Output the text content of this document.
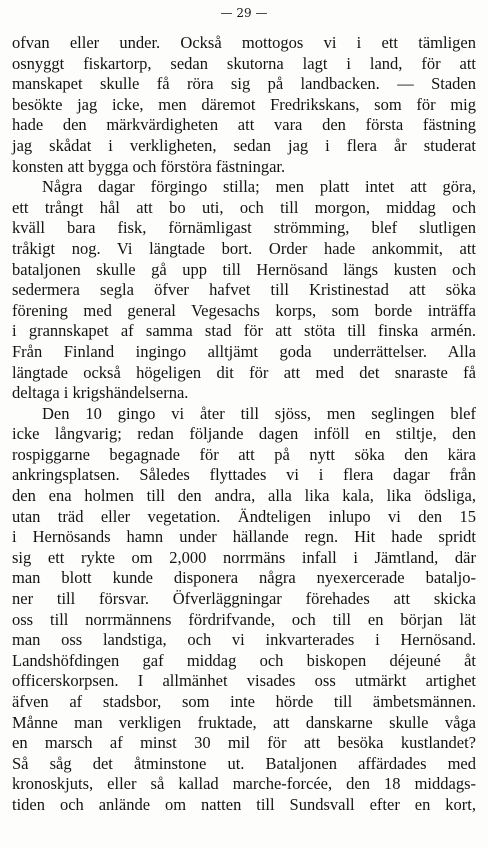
— 29 —
ofvan eller under. Också mottogos vi i ett tämligen
osnyggt fiskartorp, sedan skutorna lagt i land, för att
manskapet skulle få röra sig på landbacken. — Staden
besökte jag icke, men däremot Fredrikskans, som för mig
hade den märkvärdigheten att vara den första fästning
jag skådat i verkligheten, sedan jag i flera år studerat
konsten att bygga och förstöra fästningar.
Några dagar förgingo stilla; men platt intet att göra,
ett trångt hål att bo uti, och till morgon, middag och
kväll bara fisk, förnämligast strömming, blef slutligen
tråkigt nog. Vi längtade bort. Order hade ankommit, att
bataljonen skulle gå upp till Hernösand längs kusten och
sedermera segla öfver hafvet till Kristinestad att söka
förening med general Vegesachs korps, som borde inträffa
i grannskapet af samma stad för att stöta till finska armén.
Från Finland ingingo alltjämt goda underrättelser. Alla
längtade också högeligen dit för att med det snaraste få
deltaga i krigshändelserna.
Den 10 gingo vi åter till sjöss, men seglingen blef
icke långvarig; redan följande dagen inföll en stiltje, den
rospiggarne begagnade för att på nytt söka den kära
ankringsplatsen. Således flyttades vi i flera dagar från
den ena holmen till den andra, alla lika kala, lika ödsliga,
utan träd eller vegetation. Ändteligen inlupo vi den 15
i Hernösands hamn under hällande regn. Hit hade spridt
sig ett rykte om 2,000 norrmäns infall i Jämtland, där
man blott kunde disponera några nyexercerade bataljo-
ner till försvar. Öfverläggningar förehades att skicka
oss till norrmännens fördrifvande, och till en början lät
man oss landstiga, och vi inkvarterades i Hernösand.
Landshöfdingen gaf middag och biskopen déjeuné åt
officerskorpsen. I allmänhet visades oss utmärkt artighet
äfven af stadsbor, som inte hörde till ämbetsmännen.
Månne man verkligen fruktade, att danskarne skulle våga
en marsch af minst 30 mil för att besöka kustlandet?
Så såg det åtminstone ut. Bataljonen affärdades med
kronoskjuts, eller så kallad marche-forcée, den 18 middags-
tiden och anlände om natten till Sundsvall efter en kort,
